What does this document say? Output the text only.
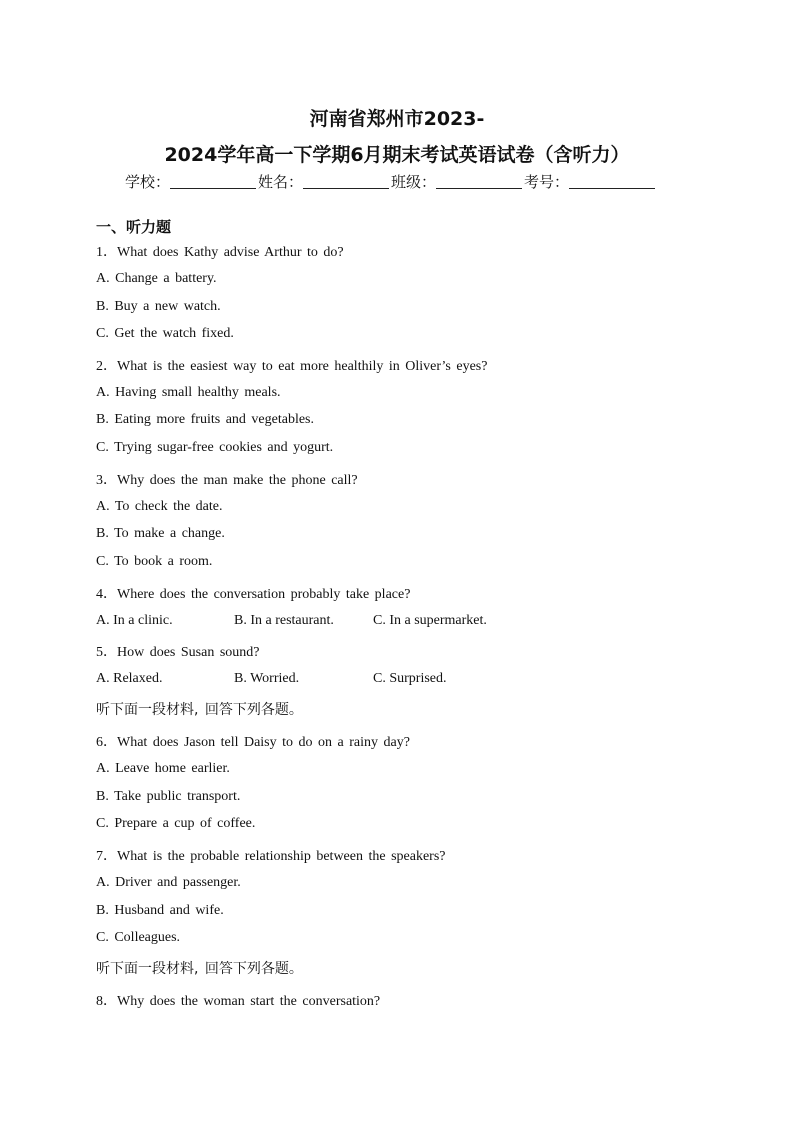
河南省郑州市2023-
2024学年高一下学期6月期末考试英语试卷（含听力）
学校：	姓名：	班级：	考号：
一、听力题
1．What does Kathy advise Arthur to do?
A. Change a battery.
B. Buy a new watch.
C. Get the watch fixed.
2．What is the easiest way to eat more healthily in Oliver’s eyes?
A. Having small healthy meals.
B. Eating more fruits and vegetables.
C. Trying sugar-free cookies and yogurt.
3．Why does the man make the phone call?
A. To check the date.
B. To make a change.
C. To book a room.
4．Where does the conversation probably take place?
A. In a clinic.	B. In a restaurant.	C. In a supermarket.
5．How does Susan sound?
A. Relaxed.	B. Worried.	C. Surprised.
听下面一段材料, 回答下列各题。
6．What does Jason tell Daisy to do on a rainy day?
A. Leave home earlier.
B. Take public transport.
C. Prepare a cup of coffee.
7．What is the probable relationship between the speakers?
A. Driver and passenger.
B. Husband and wife.
C. Colleagues.
听下面一段材料, 回答下列各题。
8．Why does the woman start the conversation?
